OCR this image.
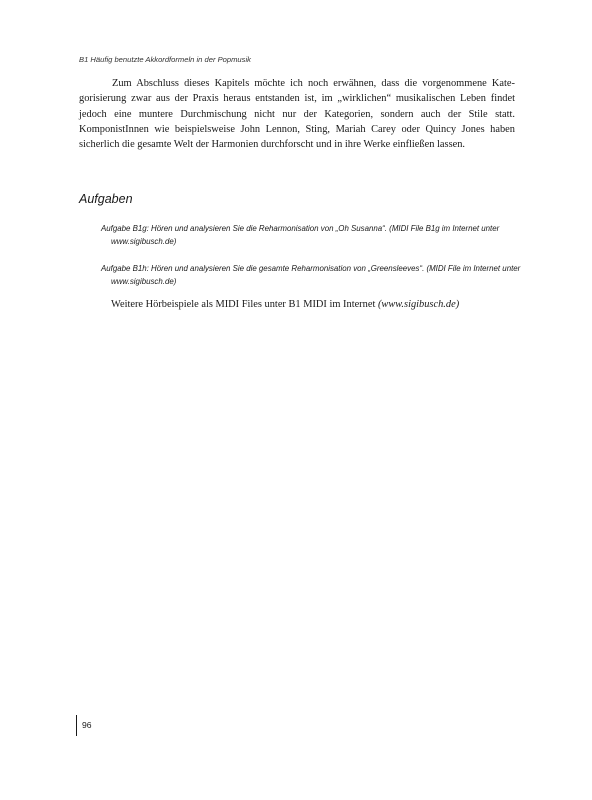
B1 Häufig benutzte Akkordformeln in der Popmusik

Zum Abschluss dieses Kapitels möchte ich noch erwähnen, dass die vorgenommene Kategorisierung zwar aus der Praxis heraus entstanden ist, im „wirklichen“ musikalischen Leben findet jedoch eine muntere Durchmischung nicht nur der Kategorien, sondern auch der Stile statt. KomponistInnen wie beispielsweise John Lennon, Sting, Mariah Carey oder Quincy Jones haben sicherlich die gesamte Welt der Harmonien durchforscht und in ihre Werke einfließen lassen.

Aufgaben

Aufgabe B1g: Hören und analysieren Sie die Reharmonisation von „Oh Susanna“. (MIDI File B1g im Internet unter www.sigibusch.de)

Aufgabe B1h: Hören und analysieren Sie die gesamte Reharmonisation von „Greensleeves“. (MIDI File im Internet unter www.sigibusch.de)

Weitere Hörbeispiele als MIDI Files unter B1 MIDI im Internet (www.sigibusch.de)

96
